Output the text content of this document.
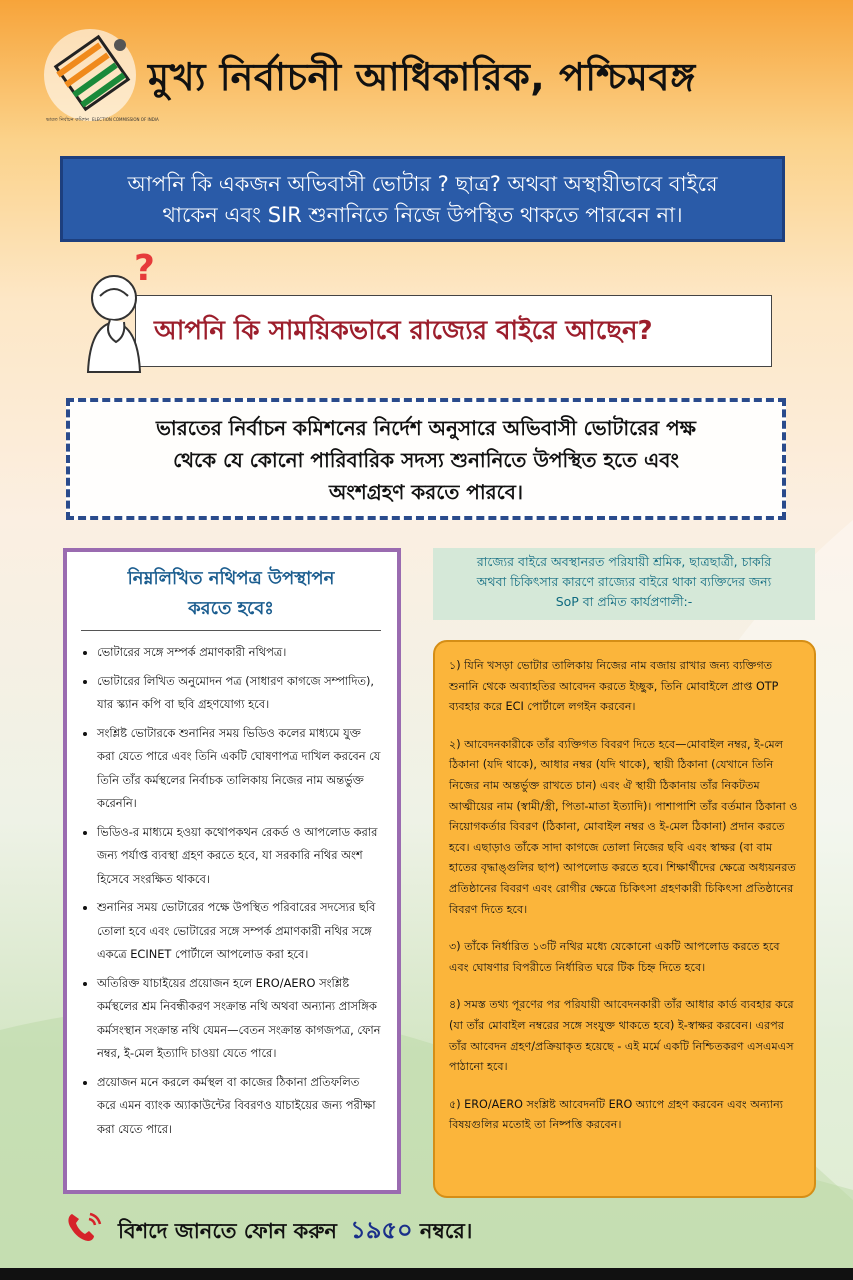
ভারত নির্বাচন কমিশন ELECTION COMMISSION OF INDIA
মুখ্য নির্বাচনী আধিকারিক, পশ্চিমবঙ্গ
আপনি কি একজন অভিবাসী ভোটার ? ছাত্র? অথবা অস্থায়ীভাবে বাইরে
থাকেন এবং SIR শুনানিতে নিজে উপস্থিত থাকতে পারবেন না।
আপনি কি সাময়িকভাবে রাজ্যের বাইরে আছেন?
?
ভারতের নির্বাচন কমিশনের নির্দেশ অনুসারে অভিবাসী ভোটারের পক্ষ
থেকে যে কোনো পারিবারিক সদস্য শুনানিতে উপস্থিত হতে এবং
অংশগ্রহণ করতে পারবে।
নিম্নলিখিত নথিপত্র উপস্থাপন
করতে হবেঃ
• ভোটারের সঙ্গে সম্পর্ক প্রমাণকারী নথিপত্র।
• ভোটারের লিখিত অনুমোদন পত্র (সাধারণ কাগজে সম্পাদিত), যার স্ক্যান কপি বা ছবি গ্রহণযোগ্য হবে।
• সংশ্লিষ্ট ভোটারকে শুনানির সময় ভিডিও কলের মাধ্যমে যুক্ত করা যেতে পারে এবং তিনি একটি ঘোষণাপত্র দাখিল করবেন যে তিনি তাঁর কর্মস্থলের নির্বাচক তালিকায় নিজের নাম অন্তর্ভুক্ত করেননি।
• ভিডিও-র মাধ্যমে হওয়া কথোপকথন রেকর্ড ও আপলোড করার জন্য পর্যাপ্ত ব্যবস্থা গ্রহণ করতে হবে, যা সরকারি নথির অংশ হিসেবে সংরক্ষিত থাকবে।
• শুনানির সময় ভোটারের পক্ষে উপস্থিত পরিবারের সদস্যের ছবি তোলা হবে এবং ভোটারের সঙ্গে সম্পর্ক প্রমাণকারী নথির সঙ্গে একত্রে ECINET পোর্টালে আপলোড করা হবে।
• অতিরিক্ত যাচাইয়ের প্রয়োজন হলে ERO/AERO সংশ্লিষ্ট কর্মস্থলের শ্রম নিবন্ধীকরণ সংক্রান্ত নথি অথবা অন্যান্য প্রাসঙ্গিক কর্মসংস্থান সংক্রান্ত নথি যেমন—বেতন সংক্রান্ত কাগজপত্র, ফোন নম্বর, ই-মেল ইত্যাদি চাওয়া যেতে পারে।
• প্রয়োজন মনে করলে কর্মস্থল বা কাজের ঠিকানা প্রতিফলিত করে এমন ব্যাংক অ্যাকাউন্টের বিবরণও যাচাইয়ের জন্য পরীক্ষা করা যেতে পারে।
রাজ্যের বাইরে অবস্থানরত পরিযায়ী শ্রমিক, ছাত্রছাত্রী, চাকরি
অথবা চিকিৎসার কারণে রাজ্যের বাইরে থাকা ব্যক্তিদের জন্য
SoP বা প্রমিত কার্যপ্রণালী:-

১) যিনি খসড়া ভোটার তালিকায় নিজের নাম বজায় রাখার জন্য ব্যক্তিগত শুনানি থেকে অব্যাহতির আবেদন করতে ইচ্ছুক, তিনি মোবাইলে প্রাপ্ত OTP ব্যবহার করে ECI পোর্টালে লগইন করবেন।

২) আবেদনকারীকে তাঁর ব্যক্তিগত বিবরণ দিতে হবে—মোবাইল নম্বর, ই-মেল ঠিকানা (যদি থাকে), আধার নম্বর (যদি থাকে), স্থায়ী ঠিকানা (যেখানে তিনি নিজের নাম অন্তর্ভুক্ত রাখতে চান) এবং ঐ স্থায়ী ঠিকানায় তাঁর নিকটতম আত্মীয়ের নাম (স্বামী/স্ত্রী, পিতা-মাতা ইত্যাদি)। পাশাপাশি তাঁর বর্তমান ঠিকানা ও নিয়োগকর্তার বিবরণ (ঠিকানা, মোবাইল নম্বর ও ই-মেল ঠিকানা) প্রদান করতে হবে। এছাড়াও তাঁকে সাদা কাগজে তোলা নিজের ছবি এবং স্বাক্ষর (বা বাম হাতের বৃদ্ধাঙ্গুলির ছাপ) আপলোড করতে হবে। শিক্ষার্থীদের ক্ষেত্রে অধ্যয়নরত প্রতিষ্ঠানের বিবরণ এবং রোগীর ক্ষেত্রে চিকিৎসা গ্রহণকারী চিকিৎসা প্রতিষ্ঠানের বিবরণ দিতে হবে।

৩) তাঁকে নির্ধারিত ১৩টি নথির মধ্যে যেকোনো একটি আপলোড করতে হবে এবং ঘোষণার বিপরীতে নির্ধারিত ঘরে টিক চিহ্ন দিতে হবে।

৪) সমস্ত তথ্য পূরণের পর পরিযায়ী আবেদনকারী তাঁর আধার কার্ড ব্যবহার করে (যা তাঁর মোবাইল নম্বরের সঙ্গে সংযুক্ত থাকতে হবে) ই-স্বাক্ষর করবেন। এরপর তাঁর আবেদন গ্রহণ/প্রক্রিয়াকৃত হয়েছে - এই মর্মে একটি নিশ্চিতকরণ এসএমএস পাঠানো হবে।

৫) ERO/AERO সংশ্লিষ্ট আবেদনটি ERO অ্যাপে গ্রহণ করবেন এবং অন্যান্য বিষয়গুলির মতোই তা নিষ্পত্তি করবেন।

বিশদে জানতে ফোন করুন ১৯৫০ নম্বরে।
